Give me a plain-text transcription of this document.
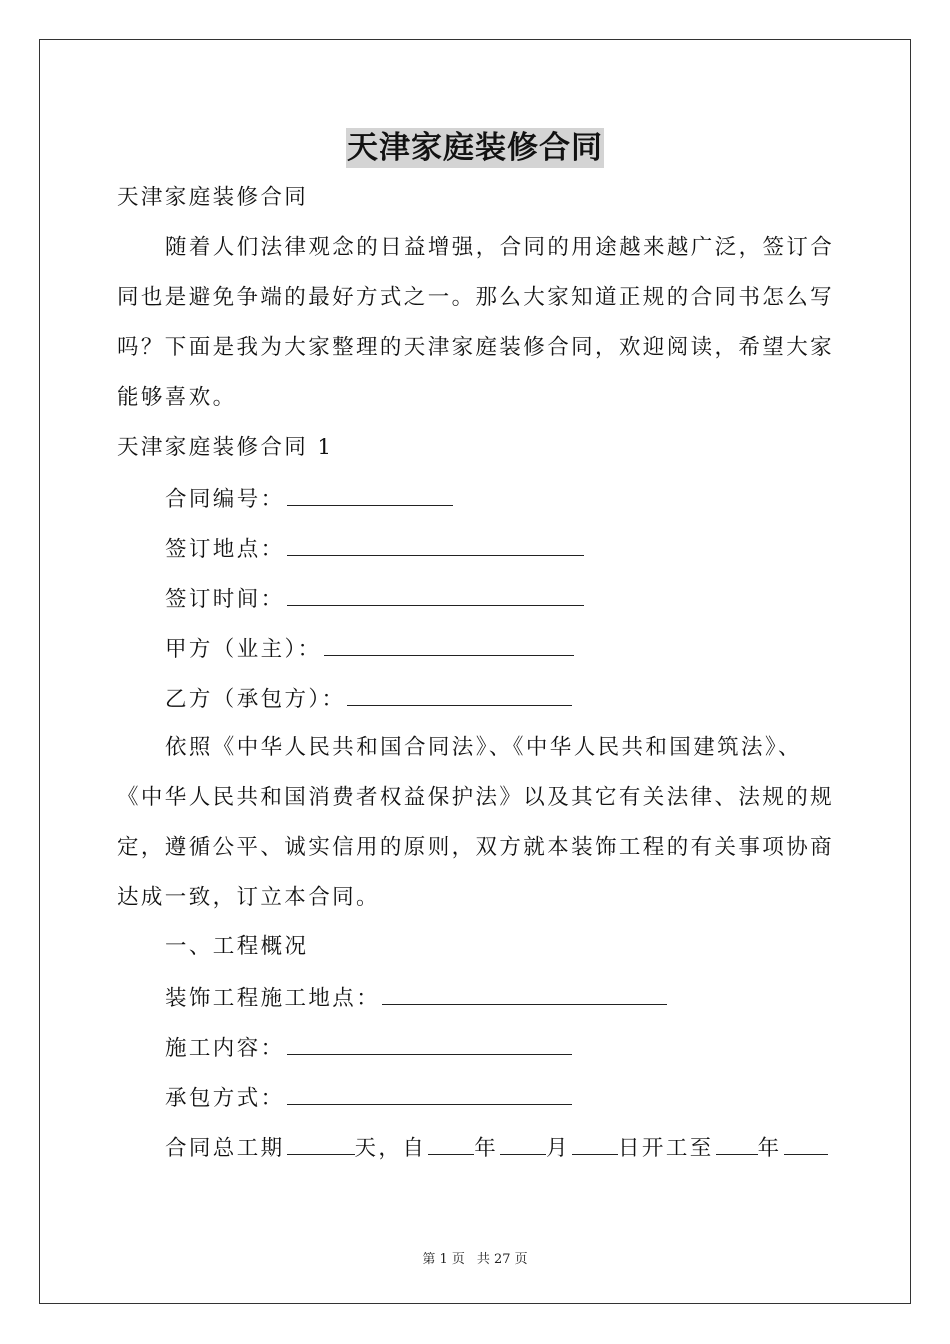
天津家庭装修合同
天津家庭装修合同
随着人们法律观念的日益增强，合同的用途越来越广泛，签订合
同也是避免争端的最好方式之一。那么大家知道正规的合同书怎么写
吗？下面是我为大家整理的天津家庭装修合同，欢迎阅读，希望大家
能够喜欢。
天津家庭装修合同 1
合同编号：
签订地点：
签订时间：
甲方（业主）：
乙方（承包方）：
依照《中华人民共和国合同法》、《中华人民共和国建筑法》、
《中华人民共和国消费者权益保护法》以及其它有关法律、法规的规
定，遵循公平、诚实信用的原则，双方就本装饰工程的有关事项协商
达成一致，订立本合同。
一、工程概况
装饰工程施工地点：
施工内容：
承包方式：
合同总工期	天，自 年 月 日开工至 年
第 1 页 共 27 页
